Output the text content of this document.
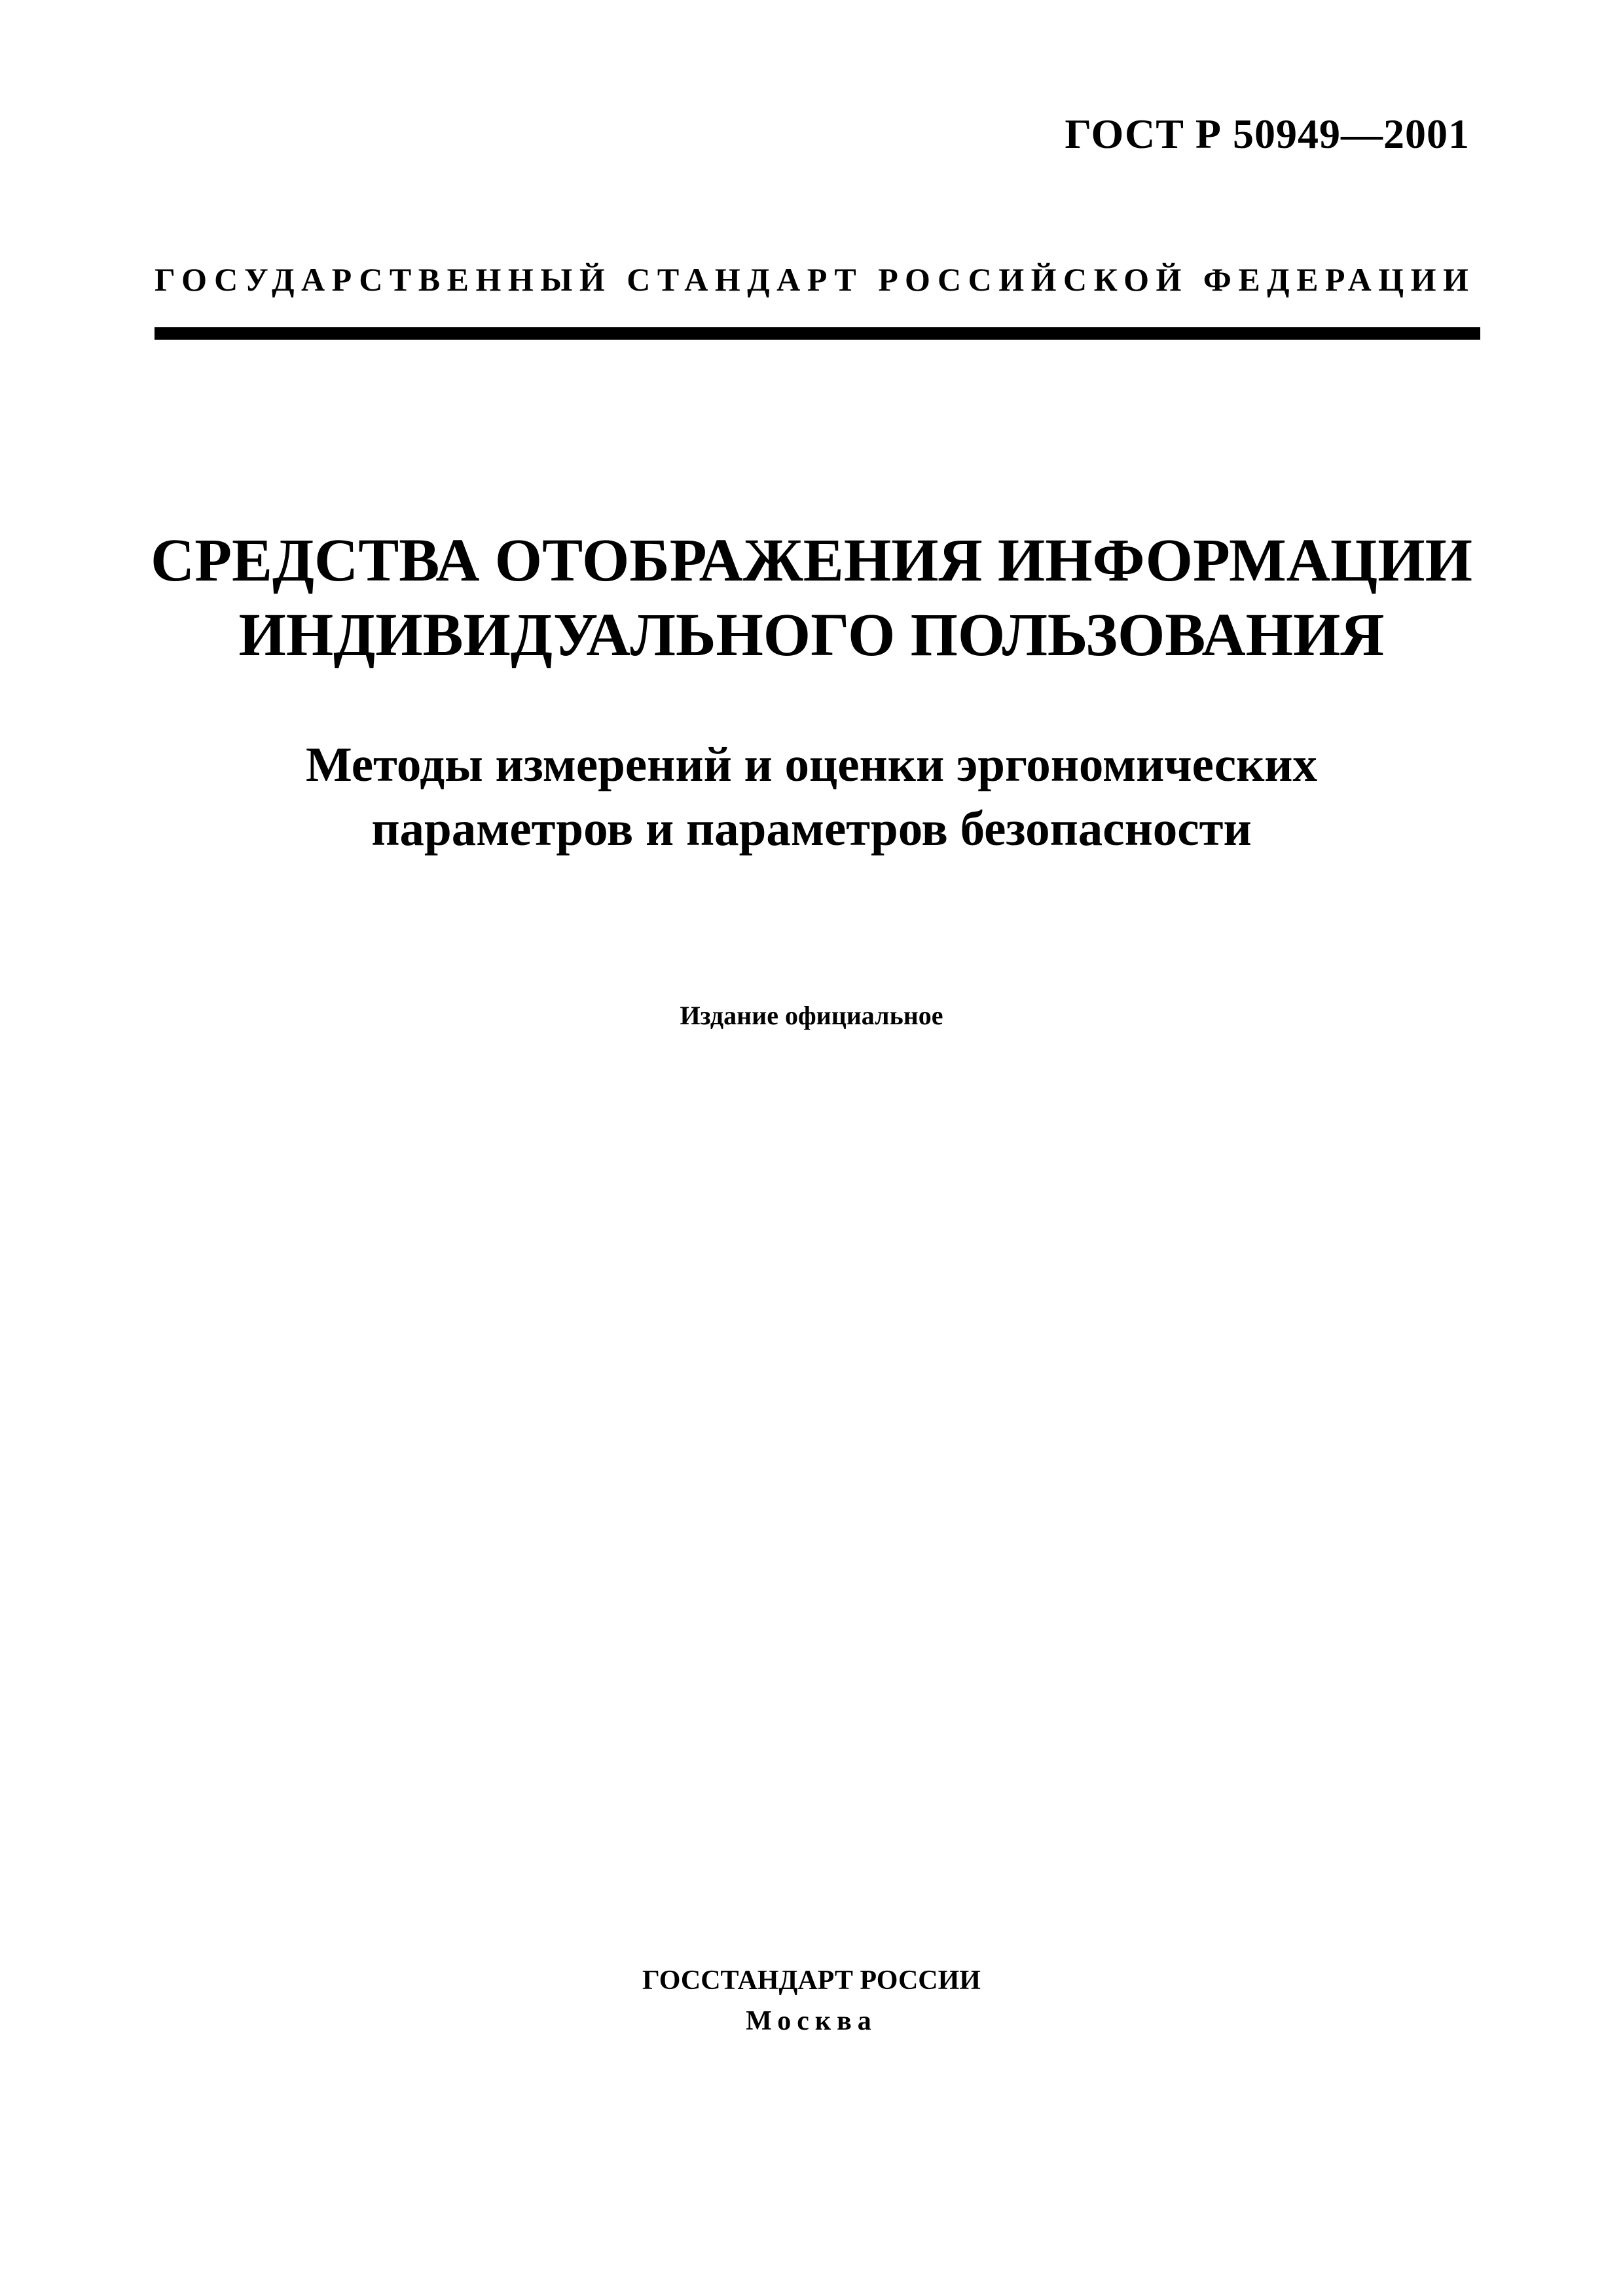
ГОСТ Р 50949—2001
ГОСУДАРСТВЕННЫЙ СТАНДАРТ РОССИЙСКОЙ ФЕДЕРАЦИИ
СРЕДСТВА ОТОБРАЖЕНИЯ ИНФОРМАЦИИ
ИНДИВИДУАЛЬНОГО ПОЛЬЗОВАНИЯ
Методы измерений и оценки эргономических
параметров и параметров безопасности
Издание официальное
ГОССТАНДАРТ РОССИИ
Москва
